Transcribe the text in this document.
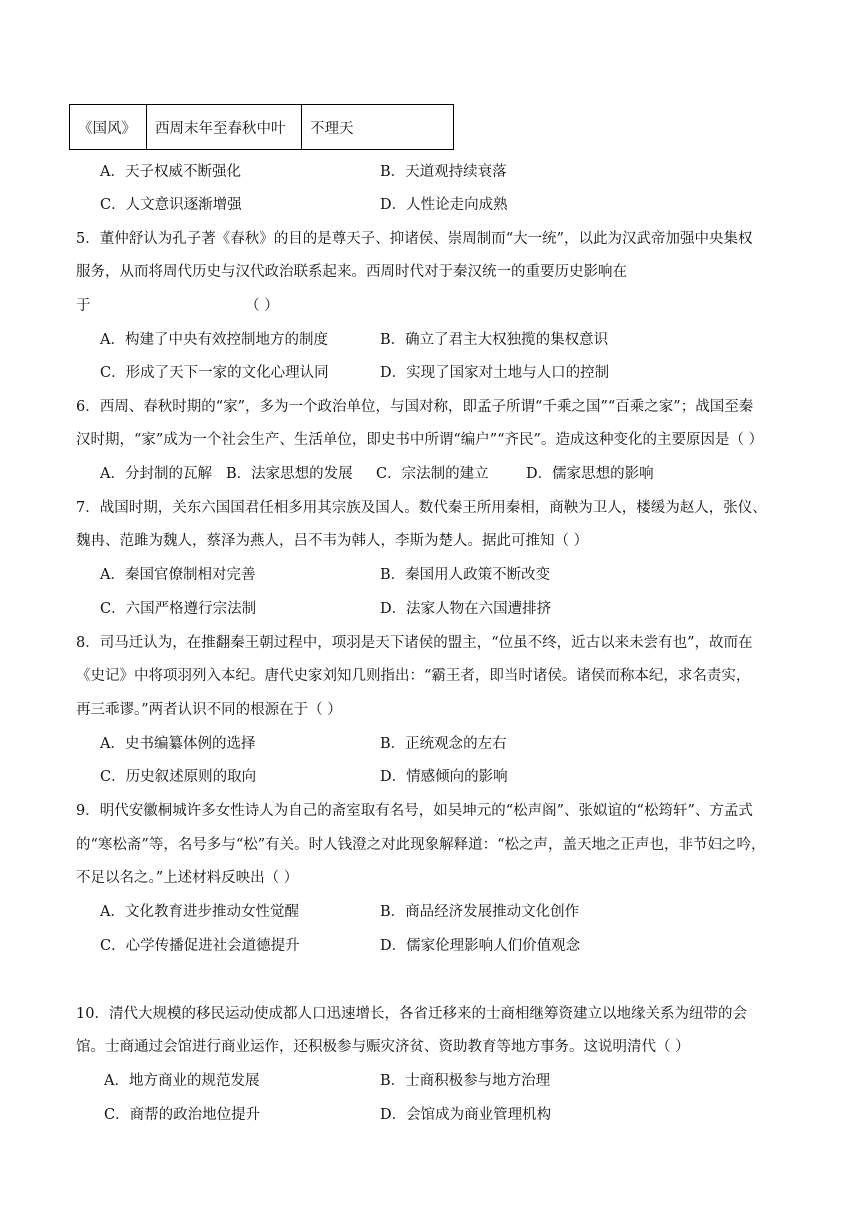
《国风》	西周末年至春秋中叶	不理天
A．天子权威不断强化	B．天道观持续衰落
C．人文意识逐渐增强	D．人性论走向成熟
5．董仲舒认为孔子著《春秋》的目的是尊天子、抑诸侯、崇周制而“大一统”，以此为汉武帝加强中央集权
服务，从而将周代历史与汉代政治联系起来。西周时代对于秦汉统一的重要历史影响在
于	（ ）
A．构建了中央有效控制地方的制度	B．确立了君主大权独揽的集权意识
C．形成了天下一家的文化心理认同	D．实现了国家对土地与人口的控制
6．西周、春秋时期的“家”，多为一个政治单位，与国对称，即孟子所谓“千乘之国”“百乘之家”；战国至秦
汉时期，“家”成为一个社会生产、生活单位，即史书中所谓“编户”“齐民”。造成这种变化的主要原因是（ ）
A．分封制的瓦解 B．法家思想的发展 C．宗法制的建立	D．儒家思想的影响
7．战国时期，关东六国国君任相多用其宗族及国人。数代秦王所用秦相，商鞅为卫人，楼缓为赵人，张仪、
魏冉、范雎为魏人，蔡泽为燕人，吕不韦为韩人，李斯为楚人。据此可推知（ ）
A．秦国官僚制相对完善	B．秦国用人政策不断改变
C．六国严格遵行宗法制	D．法家人物在六国遭排挤
8．司马迁认为，在推翻秦王朝过程中，项羽是天下诸侯的盟主，“位虽不终，近古以来未尝有也”，故而在
《史记》中将项羽列入本纪。唐代史家刘知几则指出：“霸王者，即当时诸侯。诸侯而称本纪，求名责实，
再三乖谬。”两者认识不同的根源在于（ ）
A．史书编纂体例的选择	B．正统观念的左右
C．历史叙述原则的取向	D．情感倾向的影响
9．明代安徽桐城许多女性诗人为自己的斋室取有名号，如吴坤元的“松声阁”、张姒谊的“松筠轩”、方孟式
的“寒松斋”等，名号多与“松”有关。时人钱澄之对此现象解释道：“松之声，盖天地之正声也，非节妇之吟，
不足以名之。”上述材料反映出（ ）
A．文化教育进步推动女性觉醒	B．商品经济发展推动文化创作
C．心学传播促进社会道德提升	D．儒家伦理影响人们价值观念
10．清代大规模的移民运动使成都人口迅速增长，各省迁移来的士商相继筹资建立以地缘关系为纽带的会
馆。士商通过会馆进行商业运作，还积极参与赈灾济贫、资助教育等地方事务。这说明清代（ ）
A．地方商业的规范发展	B．士商积极参与地方治理
C．商帮的政治地位提升	D．会馆成为商业管理机构
